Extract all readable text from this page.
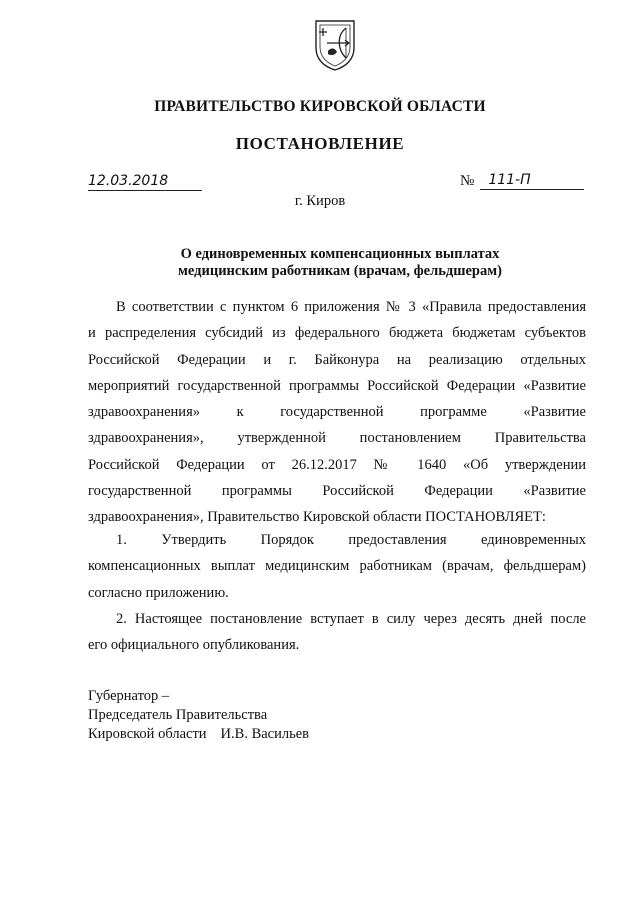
ПРАВИТЕЛЬСТВО КИРОВСКОЙ ОБЛАСТИ
ПОСТАНОВЛЕНИЕ
12.03.2018	№	111-П
г. Киров
О единовременных компенсационных выплатах
медицинским работникам (врачам, фельдшерам)
В соответствии с пунктом 6 приложения № 3 «Правила предоставления
и распределения субсидий из федерального бюджета бюджетам субъектов
Российской Федерации и г. Байконура на реализацию отдельных
мероприятий государственной программы Российской Федерации «Развитие
здравоохранения» к государственной программе «Развитие
здравоохранения», утвержденной постановлением Правительства
Российской Федерации от 26.12.2017 № 1640 «Об утверждении
государственной программы Российской Федерации «Развитие
здравоохранения», Правительство Кировской области ПОСТАНОВЛЯЕТ:
1. Утвердить Порядок предоставления единовременных
компенсационных выплат медицинским работникам (врачам, фельдшерам)
согласно приложению.
2. Настоящее постановление вступает в силу через десять дней после
его официального опубликования.
Губернатор –
Председатель Правительства
Кировской области И.В. Васильев
